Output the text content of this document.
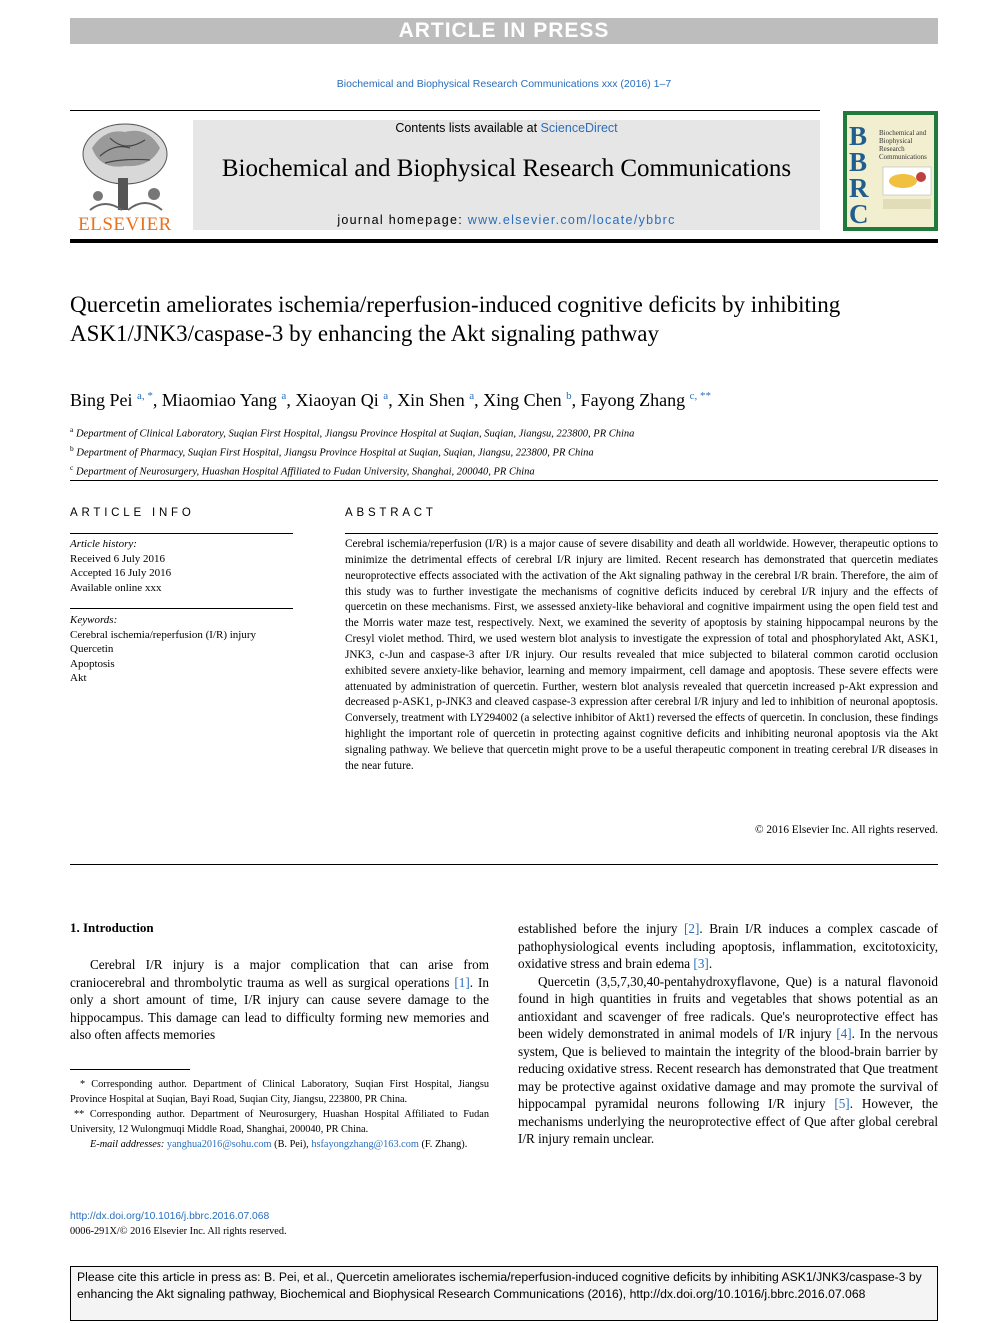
ARTICLE IN PRESS
Biochemical and Biophysical Research Communications xxx (2016) 1–7
ELSEVIER
Contents lists available at ScienceDirect
Biochemical and Biophysical Research Communications
journal homepage: www.elsevier.com/locate/ybbrc
B
B
R
C
Biochemical and
Biophysical
Research
Communications
Quercetin ameliorates ischemia/reperfusion-induced cognitive deficits by inhibiting ASK1/JNK3/caspase-3 by enhancing the Akt signaling pathway
Bing Pei $^{a, *}$, Miaomiao Yang $^a$, Xiaoyan Qi $^a$, Xin Shen $^a$, Xing Chen $^b$, Fayong Zhang $^{c, **}$
$^a$ Department of Clinical Laboratory, Suqian First Hospital, Jiangsu Province Hospital at Suqian, Suqian, Jiangsu, 223800, PR China
$^b$ Department of Pharmacy, Suqian First Hospital, Jiangsu Province Hospital at Suqian, Suqian, Jiangsu, 223800, PR China
$^c$ Department of Neurosurgery, Huashan Hospital Affiliated to Fudan University, Shanghai, 200040, PR China
ARTICLE INFO
Article history:
Received 6 July 2016
Accepted 16 July 2016
Available online xxx
Keywords:
Cerebral ischemia/reperfusion (I/R) injury
Quercetin
Apoptosis
Akt
ABSTRACT
Cerebral ischemia/reperfusion (I/R) is a major cause of severe disability and death all worldwide. However, therapeutic options to minimize the detrimental effects of cerebral I/R injury are limited. Recent research has demonstrated that quercetin mediates neuroprotective effects associated with the activation of the Akt signaling pathway in the cerebral I/R brain. Therefore, the aim of this study was to further investigate the mechanisms of cognitive deficits induced by cerebral I/R injury and the effects of quercetin on these mechanisms. First, we assessed anxiety-like behavioral and cognitive impairment using the open field test and the Morris water maze test, respectively. Next, we examined the severity of apoptosis by staining hippocampal neurons by the Cresyl violet method. Third, we used western blot analysis to investigate the expression of total and phosphorylated Akt, ASK1, JNK3, c-Jun and caspase-3 after I/R injury. Our results revealed that mice subjected to bilateral common carotid occlusion exhibited severe anxiety-like behavior, learning and memory impairment, cell damage and apoptosis. These severe effects were attenuated by administration of quercetin. Further, western blot analysis revealed that quercetin increased p-Akt expression and decreased p-ASK1, p-JNK3 and cleaved caspase-3 expression after cerebral I/R injury and led to inhibition of neuronal apoptosis. Conversely, treatment with LY294002 (a selective inhibitor of Akt1) reversed the effects of quercetin. In conclusion, these findings highlight the important role of quercetin in protecting against cognitive deficits and inhibiting neuronal apoptosis via the Akt signaling pathway. We believe that quercetin might prove to be a useful therapeutic component in treating cerebral I/R diseases in the near future.
© 2016 Elsevier Inc. All rights reserved.
1. Introduction
Cerebral I/R injury is a major complication that can arise from craniocerebral and thrombolytic trauma as well as surgical operations [1]. In only a short amount of time, I/R injury can cause severe damage to the hippocampus. This damage can lead to difficulty forming new memories and also often affects memories

established before the injury [2]. Brain I/R induces a complex cascade of pathophysiological events including apoptosis, inflammation, excitotoxicity, oxidative stress and brain edema [3].

Quercetin (3,5,7,30,40-pentahydroxyflavone, Que) is a natural flavonoid found in high quantities in fruits and vegetables that shows potential as an antioxidant and scavenger of free radicals. Que's neuroprotective effect has been widely demonstrated in animal models of I/R injury [4]. In the nervous system, Que is believed to maintain the integrity of the blood-brain barrier by reducing oxidative stress. Recent research has demonstrated that Que treatment may be protective against oxidative damage and may promote the survival of hippocampal pyramidal neurons following I/R injury [5]. However, the mechanisms underlying the neuroprotective effect of Que after global cerebral I/R injury remain unclear.

* Corresponding author. Department of Clinical Laboratory, Suqian First Hospital, Jiangsu Province Hospital at Suqian, Bayi Road, Suqian City, Jiangsu, 223800, PR China.
** Corresponding author. Department of Neurosurgery, Huashan Hospital Affiliated to Fudan University, 12 Wulongmuqi Middle Road, Shanghai, 200040, PR China.
E-mail addresses: yanghua2016@sohu.com (B. Pei), hsfayongzhang@163.com (F. Zhang).
http://dx.doi.org/10.1016/j.bbrc.2016.07.068
0006-291X/© 2016 Elsevier Inc. All rights reserved.
Please cite this article in press as: B. Pei, et al., Quercetin ameliorates ischemia/reperfusion-induced cognitive deficits by inhibiting ASK1/JNK3/caspase-3 by enhancing the Akt signaling pathway, Biochemical and Biophysical Research Communications (2016), http://dx.doi.org/10.1016/j.bbrc.2016.07.068
